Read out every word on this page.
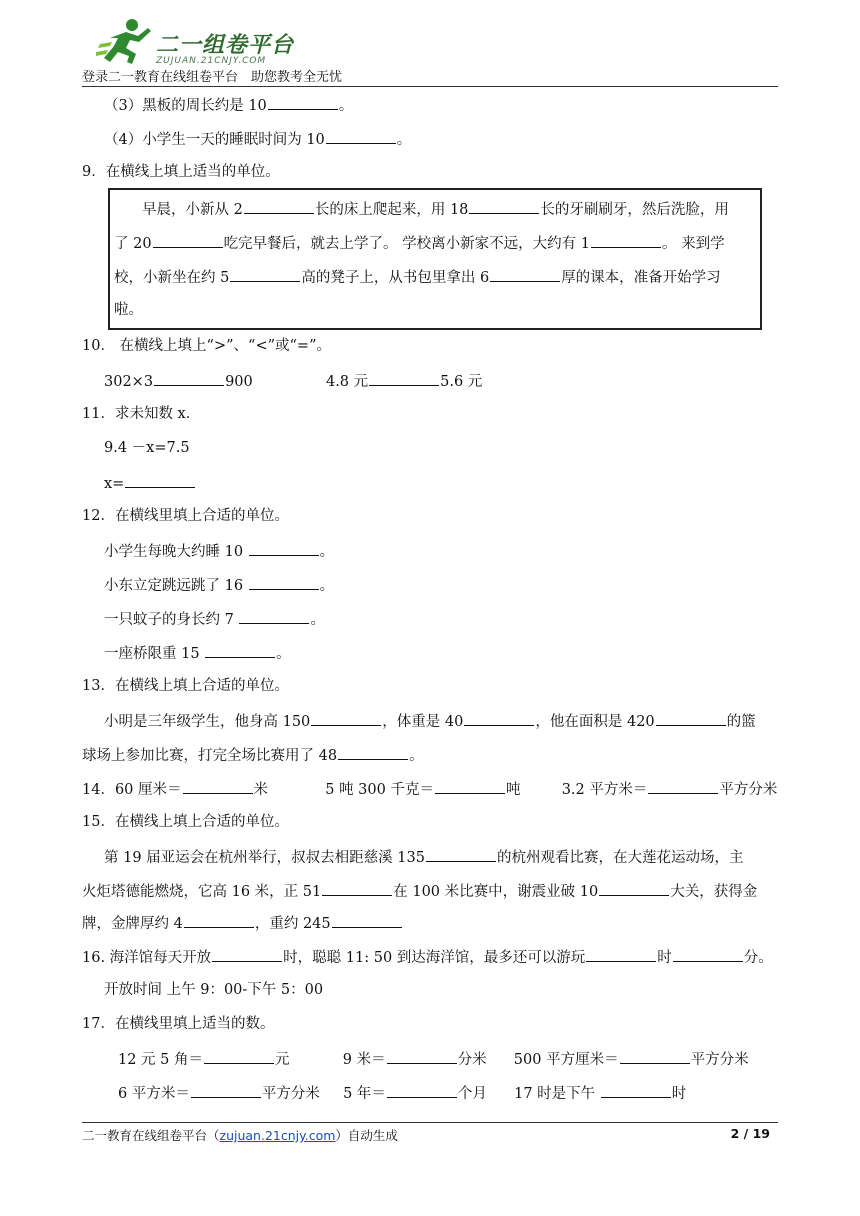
二一组卷平台
ZUJUAN.21CNJY.COM
登录二一教育在线组卷平台　助您教考全无忧
（3）黑板的周长约是 10	。
（4）小学生一天的睡眠时间为 10	。
9．在横线上填上适当的单位。
早晨，小新从 2	长的床上爬起来，用 18	长的牙刷刷牙，然后洗脸，用
了 20	吃完早餐后，就去上学了。 学校离小新家不远，大约有 1	。 来到学
校，小新坐在约 5	高的凳子上，从书包里拿出 6	厚的课本，准备开始学习
啦。
10． 在横线上填上“>”、“<”或“=”。
302×3	900	4.8 元	5.6 元
11．求未知数 x．
9.4 －x=7.5
x=
12．在横线里填上合适的单位。
小学生每晚大约睡 10	。
小东立定跳远跳了 16	。
一只蚊子的身长约 7	。
一座桥限重 15	。
13．在横线上填上合适的单位。
小明是三年级学生，他身高 150	，体重是 40	，他在面积是 420	的篮
球场上参加比赛，打完全场比赛用了 48	。
14．60 厘米＝	米	5 吨 300 千克＝	吨	3.2 平方米＝	平方分米
15．在横线上填上合适的单位。
第 19 届亚运会在杭州举行，叔叔去相距慈溪 135	的杭州观看比赛，在大莲花运动场，主
火炬塔德能燃烧，它高 16 米，正 51	在 100 米比赛中，谢震业破 10	大关，获得金
牌，金牌厚约 4	，重约 245
16. 海洋馆每天开放	时，聪聪 11: 50 到达海洋馆，最多还可以游玩	时	分。
开放时间 上午 9：00-下午 5：00
17．在横线里填上适当的数。
12 元 5 角＝	元	9 米＝	分米 500 平方厘米＝	平方分米
6 平方米＝	平方分米 5 年＝	个月 17 时是下午	时
二一教育在线组卷平台（zujuan.21cnjy.com）自动生成	2 / 19
